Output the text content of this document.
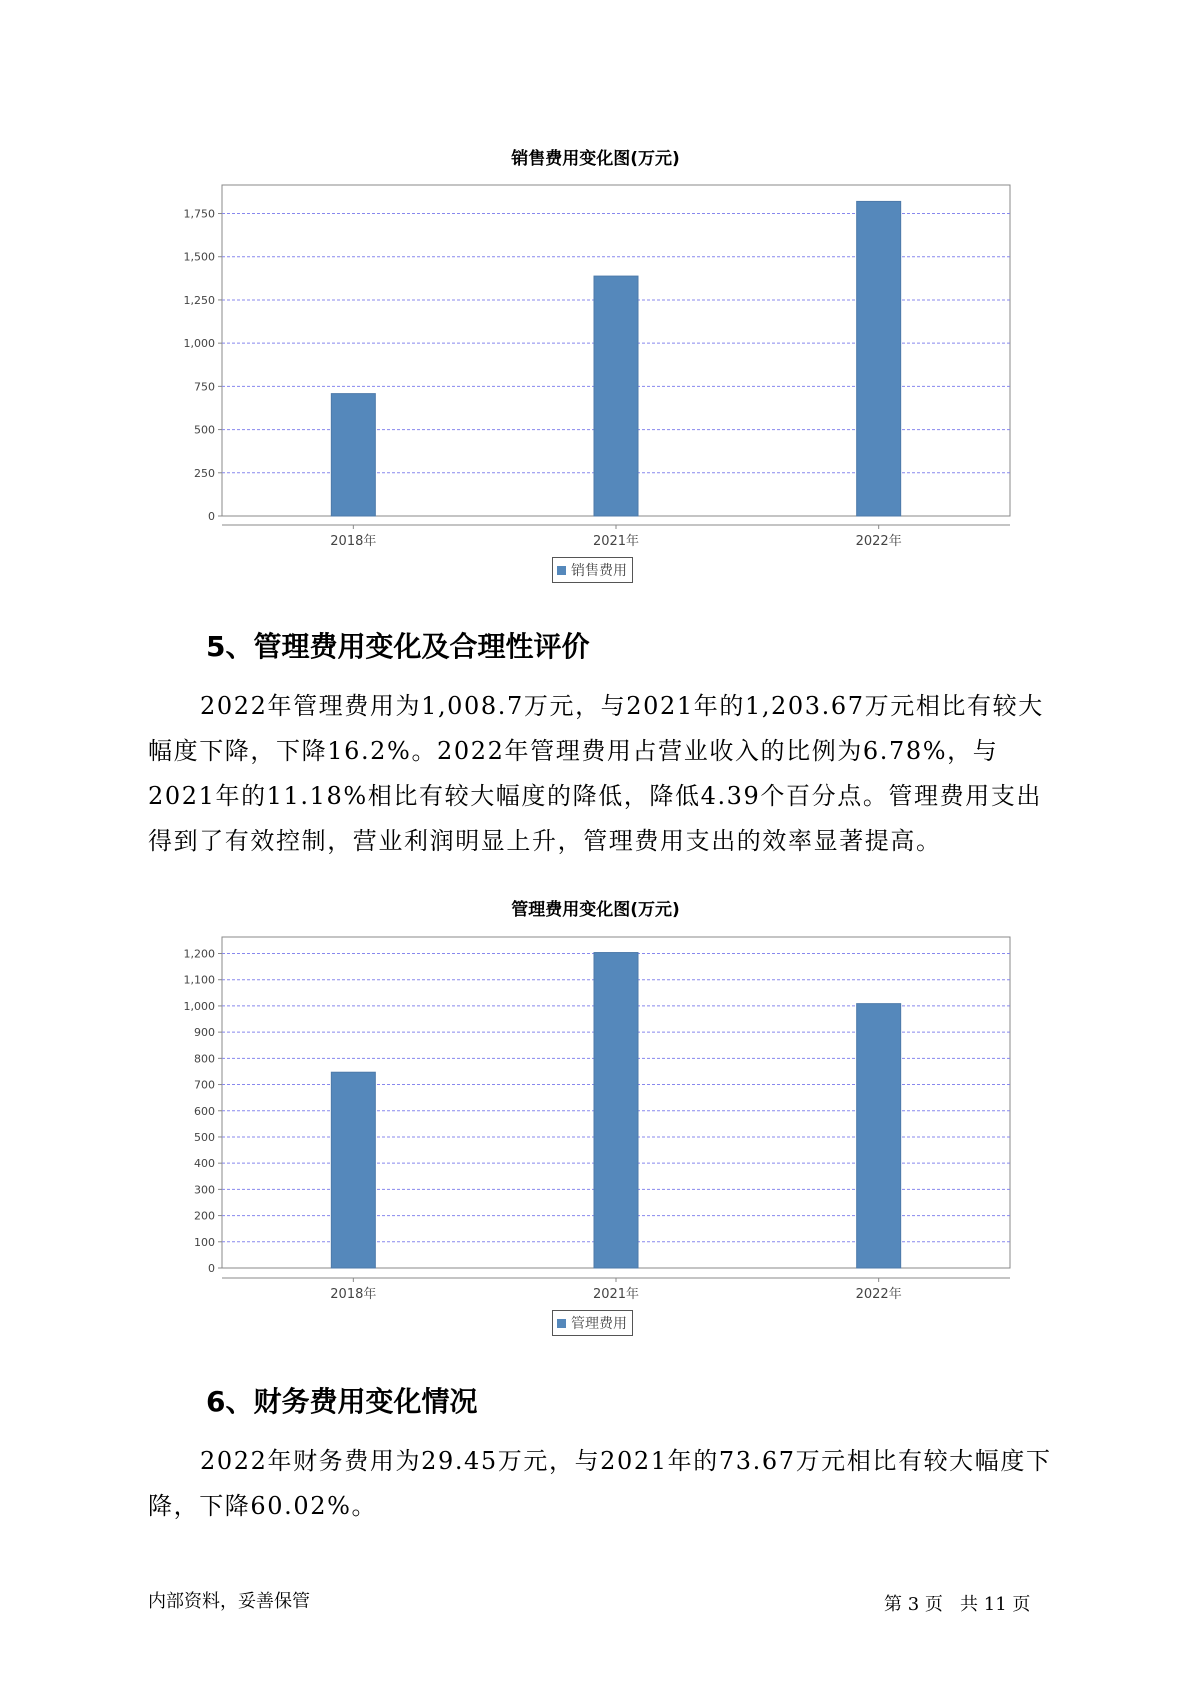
销售费用变化图(万元)
0
250
500
750
1,000
1,250
1,500
1,750
2018年	2021年	2022年
销售费用
5、管理费用变化及合理性评价
2022年管理费用为1,008.7万元，与2021年的1,203.67万元相比有较大幅度下降，下降16.2%。2022年管理费用占营业收入的比例为6.78%，与2021年的11.18%相比有较大幅度的降低，降低4.39个百分点。管理费用支出得到了有效控制，营业利润明显上升，管理费用支出的效率显著提高。
管理费用变化图(万元)
0
100
200
300
400
500
600
700
800
900
1,000
1,100
1,200
2018年	2021年	2022年
管理费用
6、财务费用变化情况
2022年财务费用为29.45万元，与2021年的73.67万元相比有较大幅度下降，下降60.02%。
内部资料，妥善保管	第 3 页   共 11 页
